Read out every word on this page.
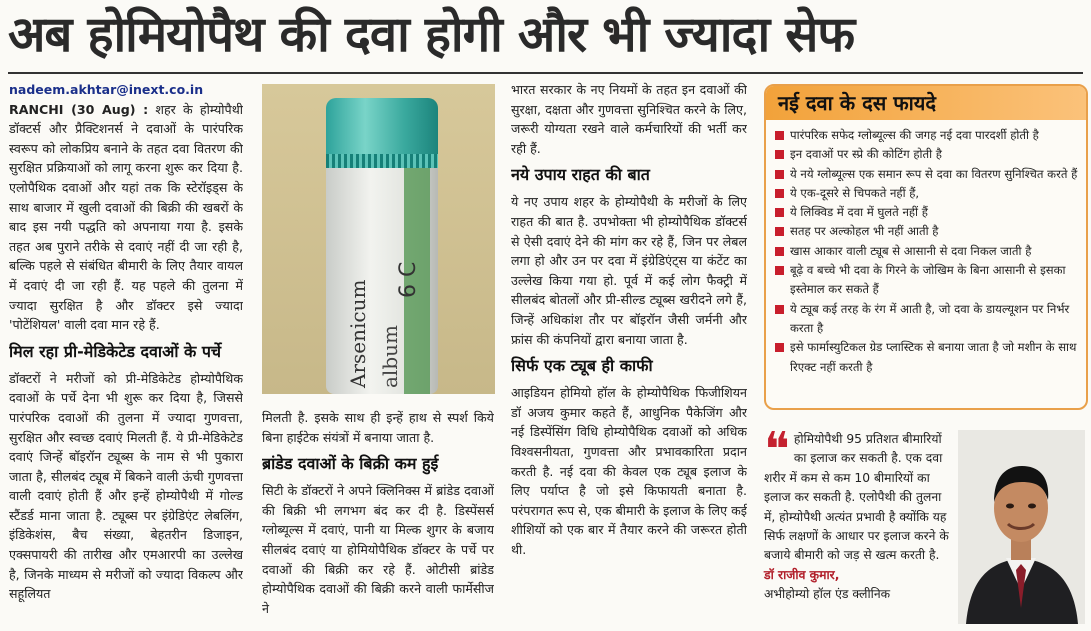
अब होमियोपैथ की दवा होगी और भी ज्यादा सेफ
nadeem.akhtar@inext.co.in

RANCHI (30 Aug) : शहर के होम्योपैथी डॉक्टर्स और प्रैक्टिशनर्स ने दवाओं के पारंपरिक स्वरूप को लोकप्रिय बनाने के तहत दवा वितरण की सुरक्षित प्रक्रियाओं को लागू करना शुरू कर दिया है. एलोपैथिक दवाओं और यहां तक कि स्टेरॉइड्स के साथ बाजार में खुली दवाओं की बिक्री की खबरों के बाद इस नयी पद्धति को अपनाया गया है. इसके तहत अब पुराने तरीके से दवाएं नहीं दी जा रही है, बल्कि पहले से संबंधित बीमारी के लिए तैयार वायल में दवाएं दी जा रही हैं. यह पहले की तुलना में ज्यादा सुरक्षित है और डॉक्टर इसे ज्यादा 'पोटेंशियल' वाली दवा मान रहे हैं.

मिल रहा प्री-मेडिकेटेड दवाओं के पर्चे

डॉक्टरों ने मरीजों को प्री-मेडिकेटेड होम्योपैथिक दवाओं के पर्चे देना भी शुरू कर दिया है, जिससे पारंपरिक दवाओं की तुलना में ज्यादा गुणवत्ता, सुरक्षित और स्वच्छ दवाएं मिलती हैं. ये प्री-मेडिकेटेड दवाएं जिन्हें बॉइरॉन ट्यूब्स के नाम से भी पुकारा जाता है, सीलबंद ट्यूब में बिकने वाली ऊंची गुणवत्ता वाली दवाएं होती हैं और इन्हें होम्योपैथी में गोल्ड स्टैंडर्ड माना जाता है. ट्यूब्स पर इंग्रेडिएंट लेबलिंग, इंडिकेशंस, बैच संख्या, बेहतरीन डिजाइन, एक्सपायरी की तारीख और एमआरपी का उल्लेख है, जिनके माध्यम से मरीजों को ज्यादा विकल्प और सहूलियत

Arsenicum album
6 C

मिलती है. इसके साथ ही इन्हें हाथ से स्पर्श किये बिना हाईटेक संयंत्रों में बनाया जाता है.

ब्रांडेड दवाओं के बिक्री कम हुई

सिटी के डॉक्टरों ने अपने क्लिनिक्स में ब्रांडेड दवाओं की बिक्री भी लगभग बंद कर दी है. डिस्पेंसर्स ग्लोब्यूल्स में दवाएं, पानी या मिल्क शुगर के बजाय सीलबंद दवाएं या होमियोपैथिक डॉक्टर के पर्चे पर दवाओं की बिक्री कर रहे हैं. ओटीसी ब्रांडेड होम्योपैथिक दवाओं की बिक्री करने वाली फार्मेसीज ने

भारत सरकार के नए नियमों के तहत इन दवाओं की सुरक्षा, दक्षता और गुणवत्ता सुनिश्चित करने के लिए, जरूरी योग्यता रखने वाले कर्मचारियों की भर्ती कर रही हैं.

नये उपाय राहत की बात

ये नए उपाय शहर के होम्योपैथी के मरीजों के लिए राहत की बात है. उपभोक्ता भी होम्योपैथिक डॉक्टर्स से ऐसी दवाएं देने की मांग कर रहे हैं, जिन पर लेबल लगा हो और उन पर दवा में इंग्रेडिएंट्स या कंटेंट का उल्लेख किया गया हो. पूर्व में कई लोग फैक्ट्री में सीलबंद बोतलों और प्री-सील्ड ट्यूब्स खरीदने लगे हैं, जिन्हें अधिकांश तौर पर बॉइरॉन जैसी जर्मनी और फ्रांस की कंपनियों द्वारा बनाया जाता है.

सिर्फ एक ट्यूब ही काफी

आइडियन होमियो हॉल के होम्योपैथिक फिजीशियन डॉ अजय कुमार कहते हैं, आधुनिक पैकेजिंग और नई डिस्पेंसिंग विधि होम्योपैथिक दवाओं को अधिक विश्वसनीयता, गुणवत्ता और प्रभावकारिता प्रदान करती है. नई दवा की केवल एक ट्यूब इलाज के लिए पर्याप्त है जो इसे किफायती बनाता है. परंपरागत रूप से, एक बीमारी के इलाज के लिए कई शीशियों को एक बार में तैयार करने की जरूरत होती थी.

नई दवा के दस फायदे
पारंपरिक सफेद ग्लोब्यूल्स की जगह नई दवा पारदर्शी होती है
इन दवाओं पर स्प्रे की कोटिंग होती है
ये नये ग्लोब्यूल्स एक समान रूप से दवा का वितरण सुनिश्चित करते हैं
ये एक-दूसरे से चिपकते नहीं हैं,
ये लिक्विड में दवा में घुलते नहीं हैं
सतह पर अल्कोहल भी नहीं आती है
खास आकार वाली ट्यूब से आसानी से दवा निकल जाती है
बूढ़े व बच्चे भी दवा के गिरने के जोखिम के बिना आसानी से इसका इस्तेमाल कर सकते हैं
ये ट्यूब कई तरह के रंग में आती है, जो दवा के डायल्यूशन पर निर्भर करता है
इसे फार्मास्युटिकल ग्रेड प्लास्टिक से बनाया जाता है जो मशीन के साथ रिएक्ट नहीं करती है
❝ होमियोपैथी 95 प्रतिशत बीमारियों का इलाज कर सकती है. एक दवा शरीर में कम से कम 10 बीमारियों का इलाज कर सकती है. एलोपैथी की तुलना में, होम्योपैथी अत्यंत प्रभावी है क्योंकि यह सिर्फ लक्षणों के आधार पर इलाज करने के बजाये बीमारी को जड़ से खत्म करती है.
डॉ राजीव कुमार,
अभीहोम्यो हॉल एंड क्लीनिक
